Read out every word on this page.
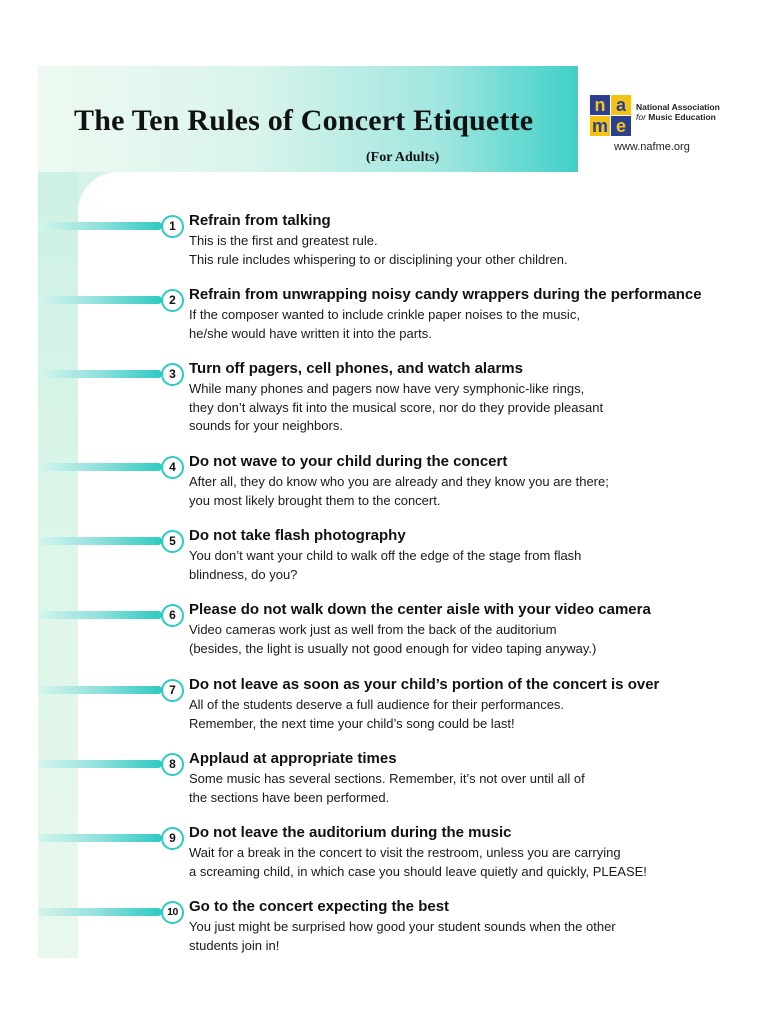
The Ten Rules of Concert Etiquette
(For Adults)
n a
m e
National Association
for Music Education
www.nafme.org
1 Refrain from talking
This is the first and greatest rule.
This rule includes whispering to or disciplining your other children.
2 Refrain from unwrapping noisy candy wrappers during the performance
If the composer wanted to include crinkle paper noises to the music,
he/she would have written it into the parts.
3 Turn off pagers, cell phones, and watch alarms
While many phones and pagers now have very symphonic-like rings,
they don’t always fit into the musical score, nor do they provide pleasant
sounds for your neighbors.
4 Do not wave to your child during the concert
After all, they do know who you are already and they know you are there;
you most likely brought them to the concert.
5 Do not take flash photography
You don’t want your child to walk off the edge of the stage from flash
blindness, do you?
6 Please do not walk down the center aisle with your video camera
Video cameras work just as well from the back of the auditorium
(besides, the light is usually not good enough for video taping anyway.)
7 Do not leave as soon as your child’s portion of the concert is over
All of the students deserve a full audience for their performances.
Remember, the next time your child’s song could be last!
8 Applaud at appropriate times
Some music has several sections. Remember, it’s not over until all of
the sections have been performed.
9 Do not leave the auditorium during the music
Wait for a break in the concert to visit the restroom, unless you are carrying
a screaming child, in which case you should leave quietly and quickly, PLEASE!
10 Go to the concert expecting the best
You just might be surprised how good your student sounds when the other
students join in!
